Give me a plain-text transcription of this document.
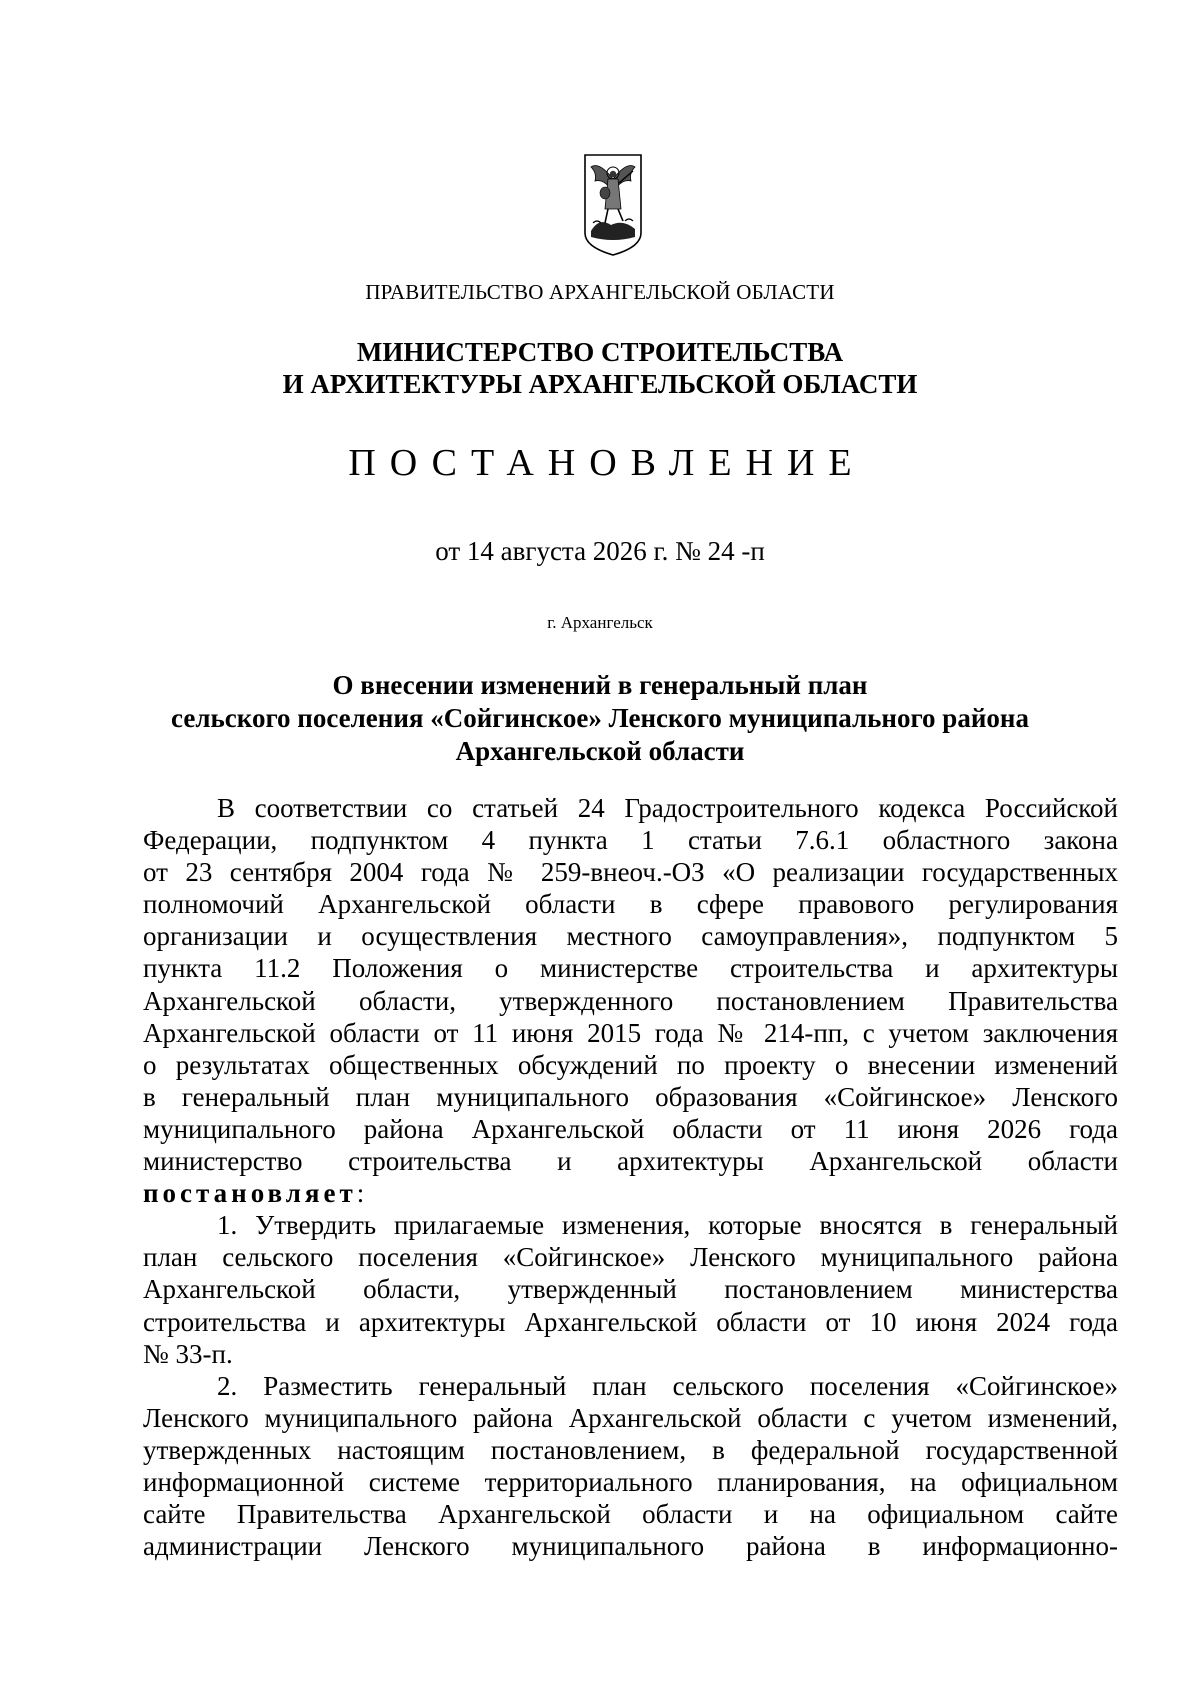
ПРАВИТЕЛЬСТВО АРХАНГЕЛЬСКОЙ ОБЛАСТИ
МИНИСТЕРСТВО СТРОИТЕЛЬСТВА
И АРХИТЕКТУРЫ АРХАНГЕЛЬСКОЙ ОБЛАСТИ
ПОСТАНОВЛЕНИЕ
от 14 августа 2026 г. № 24 -п
г. Архангельск
О внесении изменений в генеральный план
сельского поселения «Сойгинское» Ленского муниципального района
Архангельской области
В соответствии со статьей 24 Градостроительного кодекса Российской
Федерации, подпунктом 4 пункта 1 статьи 7.6.1 областного закона
от 23 сентября 2004 года № 259-внеоч.-ОЗ «О реализации государственных
полномочий Архангельской области в сфере правового регулирования
организации и осуществления местного самоуправления», подпунктом 5
пункта 11.2 Положения о министерстве строительства и архитектуры
Архангельской области, утвержденного постановлением Правительства
Архангельской области от 11 июня 2015 года № 214-пп, с учетом заключения
о результатах общественных обсуждений по проекту о внесении изменений
в генеральный план муниципального образования «Сойгинское» Ленского
муниципального района Архангельской области от 11 июня 2026 года
министерство строительства и архитектуры Архангельской области
постановляет:
1. Утвердить прилагаемые изменения, которые вносятся в генеральный
план сельского поселения «Сойгинское» Ленского муниципального района
Архангельской области, утвержденный постановлением министерства
строительства и архитектуры Архангельской области от 10 июня 2024 года
№ 33-п.
2. Разместить генеральный план сельского поселения «Сойгинское»
Ленского муниципального района Архангельской области с учетом изменений,
утвержденных настоящим постановлением, в федеральной государственной
информационной системе территориального планирования, на официальном
сайте Правительства Архангельской области и на официальном сайте
администрации Ленского муниципального района в информационно-
